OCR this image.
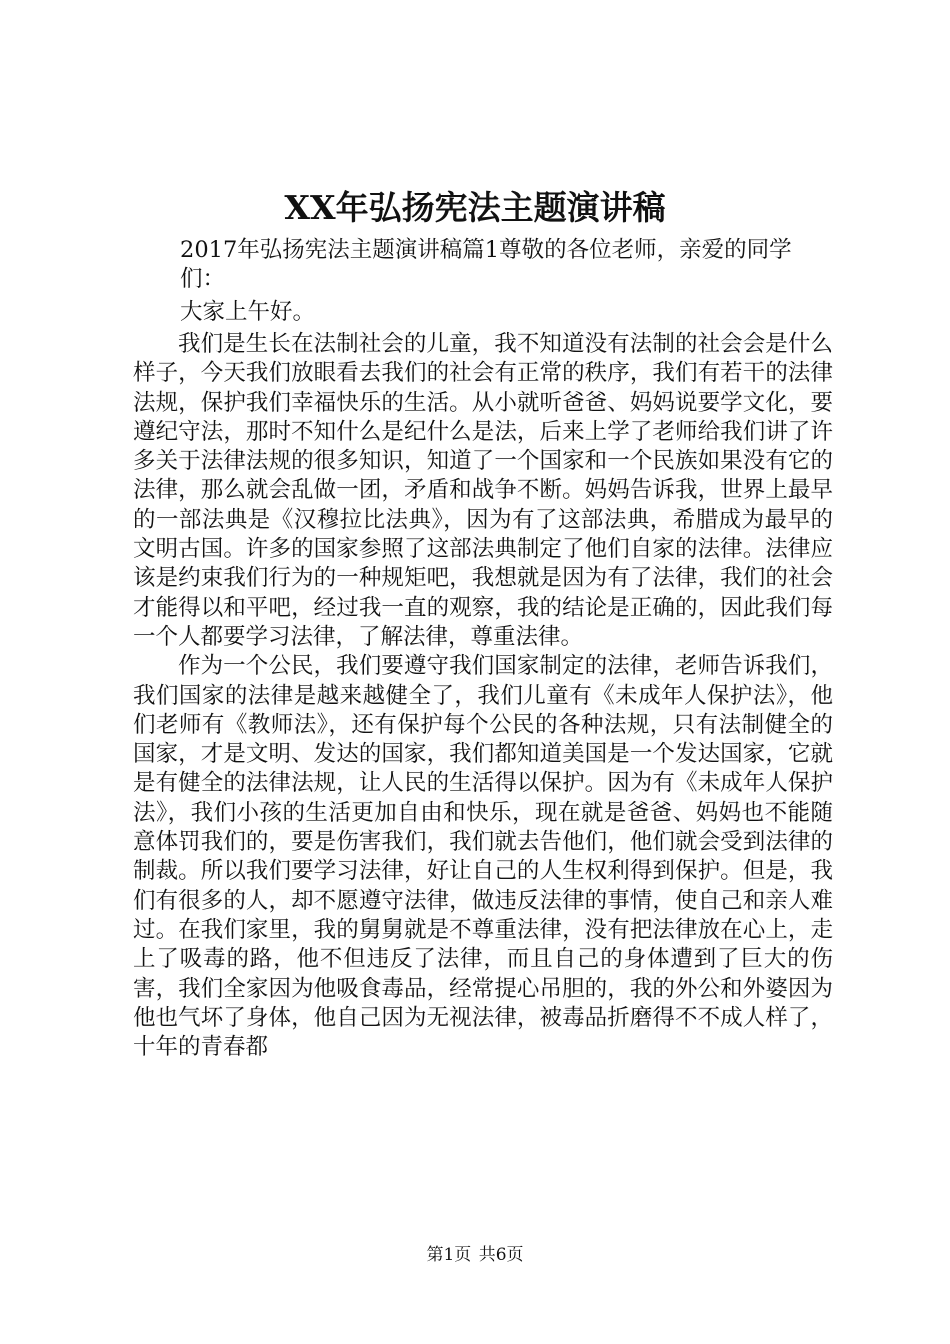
XX年弘扬宪法主题演讲稿
2017年弘扬宪法主题演讲稿篇1尊敬的各位老师，亲爱的同学们：
大家上午好。

我们是生长在法制社会的儿童，我不知道没有法制的社会会是什么样子，今天我们放眼看去我们的社会有正常的秩序，我们有若干的法律法规，保护我们幸福快乐的生活。从小就听爸爸、妈妈说要学文化，要遵纪守法，那时不知什么是纪什么是法，后来上学了老师给我们讲了许多关于法律法规的很多知识，知道了一个国家和一个民族如果没有它的法律，那么就会乱做一团，矛盾和战争不断。妈妈告诉我，世界上最早的一部法典是《汉穆拉比法典》，因为有了这部法典，希腊成为最早的文明古国。许多的国家参照了这部法典制定了他们自家的法律。法律应该是约束我们行为的一种规矩吧，我想就是因为有了法律，我们的社会才能得以和平吧，经过我一直的观察，我的结论是正确的，因此我们每一个人都要学习法律，了解法律，尊重法律。

作为一个公民，我们要遵守我们国家制定的法律，老师告诉我们，我们国家的法律是越来越健全了，我们儿童有《未成年人保护法》，他们老师有《教师法》，还有保护每个公民的各种法规，只有法制健全的国家，才是文明、发达的国家，我们都知道美国是一个发达国家，它就是有健全的法律法规，让人民的生活得以保护。因为有《未成年人保护法》，我们小孩的生活更加自由和快乐，现在就是爸爸、妈妈也不能随意体罚我们的，要是伤害我们，我们就去告他们，他们就会受到法律的制裁。所以我们要学习法律，好让自己的人生权利得到保护。但是，我们有很多的人，却不愿遵守法律，做违反法律的事情，使自己和亲人难过。在我们家里，我的舅舅就是不尊重法律，没有把法律放在心上，走上了吸毒的路，他不但违反了法律，而且自己的身体遭到了巨大的伤害，我们全家因为他吸食毒品，经常提心吊胆的，我的外公和外婆因为他也气坏了身体，他自己因为无视法律，被毒品折磨得不不成人样了，十年的青春都

第1页 共6页
